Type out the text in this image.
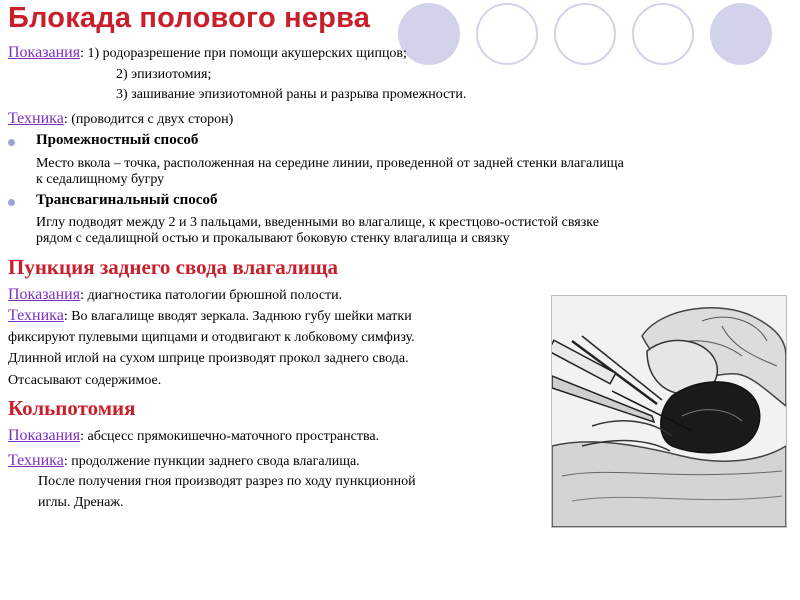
Блокада полового нерва
Показания: 1) родоразрешение при помощи акушерских щипцов;
2) эпизиотомия;
3) зашивание эпизиотомной раны и разрыва промежности.
Техника: (проводится с двух сторон)
Промежностный способ
Место вкола – точка, расположенная на середине линии, проведенной от задней стенки влагалища
к седалищному бугру
Трансвагинальный способ
Иглу подводят между 2 и 3 пальцами, введенными во влагалище, к крестцово-остистой связке
рядом с седалищной остью и прокалывают боковую стенку влагалища и связку
Пункция заднего свода влагалища
Показания: диагностика патологии брюшной полости.
Техника: Во влагалище вводят зеркала. Заднюю губу шейки матки
фиксируют пулевыми щипцами и отодвигают к лобковому симфизу.
Длинной иглой на сухом шприце производят прокол заднего свода.
Отсасывают содержимое.
Кольпотомия
Показания: абсцесс прямокишечно-маточного пространства.
Техника: продолжение пункции заднего свода влагалища.
После получения гноя производят разрез по ходу пункционной
иглы. Дренаж.
